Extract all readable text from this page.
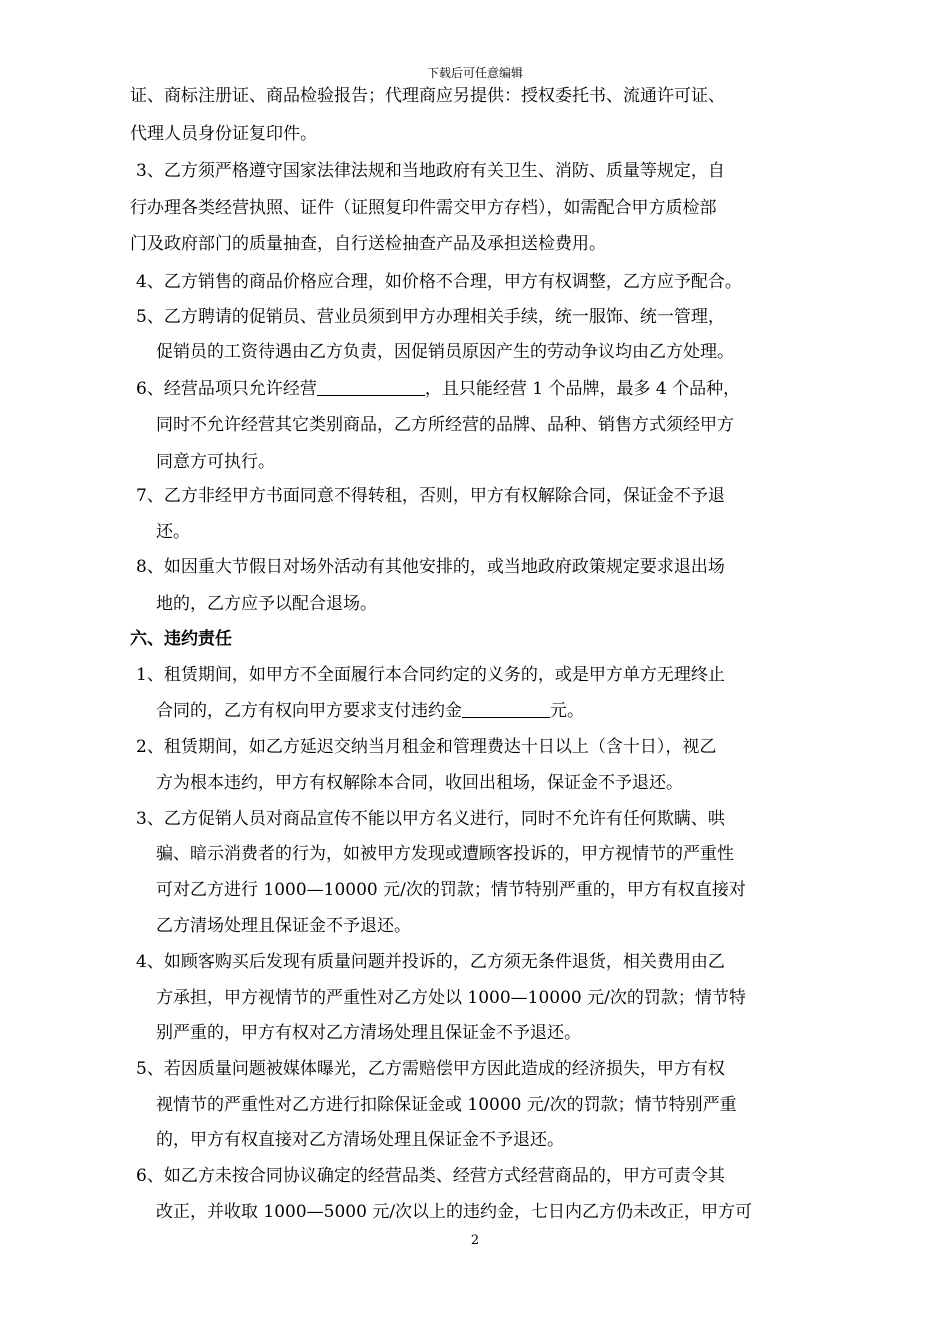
下载后可任意编辑
证、商标注册证、商品检验报告；代理商应另提供：授权委托书、流通许可证、
代理人员身份证复印件。
3、乙方须严格遵守国家法律法规和当地政府有关卫生、消防、质量等规定，自
行办理各类经营执照、证件（证照复印件需交甲方存档），如需配合甲方质检部
门及政府部门的质量抽查，自行送检抽查产品及承担送检费用。
4、乙方销售的商品价格应合理，如价格不合理，甲方有权调整，乙方应予配合。
5、乙方聘请的促销员、营业员须到甲方办理相关手续，统一服饰、统一管理，
促销员的工资待遇由乙方负责，因促销员原因产生的劳动争议均由乙方处理。
6、经营品项只允许经营	，且只能经营 1 个品牌，最多 4 个品种，
同时不允许经营其它类别商品，乙方所经营的品牌、品种、销售方式须经甲方
同意方可执行。
7、乙方非经甲方书面同意不得转租，否则，甲方有权解除合同，保证金不予退
还。
8、如因重大节假日对场外活动有其他安排的，或当地政府政策规定要求退出场
地的，乙方应予以配合退场。
六、违约责任
1、租赁期间，如甲方不全面履行本合同约定的义务的，或是甲方单方无理终止
合同的，乙方有权向甲方要求支付违约金	元。
2、租赁期间，如乙方延迟交纳当月租金和管理费达十日以上（含十日），视乙
方为根本违约，甲方有权解除本合同，收回出租场，保证金不予退还。
3、乙方促销人员对商品宣传不能以甲方名义进行，同时不允许有任何欺瞒、哄
骗、暗示消费者的行为，如被甲方发现或遭顾客投诉的，甲方视情节的严重性
可对乙方进行 1000—10000 元/次的罚款；情节特别严重的，甲方有权直接对
乙方清场处理且保证金不予退还。
4、如顾客购买后发现有质量问题并投诉的，乙方须无条件退货，相关费用由乙
方承担，甲方视情节的严重性对乙方处以 1000—10000 元/次的罚款；情节特
别严重的，甲方有权对乙方清场处理且保证金不予退还。
5、若因质量问题被媒体曝光，乙方需赔偿甲方因此造成的经济损失，甲方有权
视情节的严重性对乙方进行扣除保证金或 10000 元/次的罚款；情节特别严重
的，甲方有权直接对乙方清场处理且保证金不予退还。
6、如乙方未按合同协议确定的经营品类、经营方式经营商品的，甲方可责令其
改正，并收取 1000—5000 元/次以上的违约金，七日内乙方仍未改正，甲方可
2
